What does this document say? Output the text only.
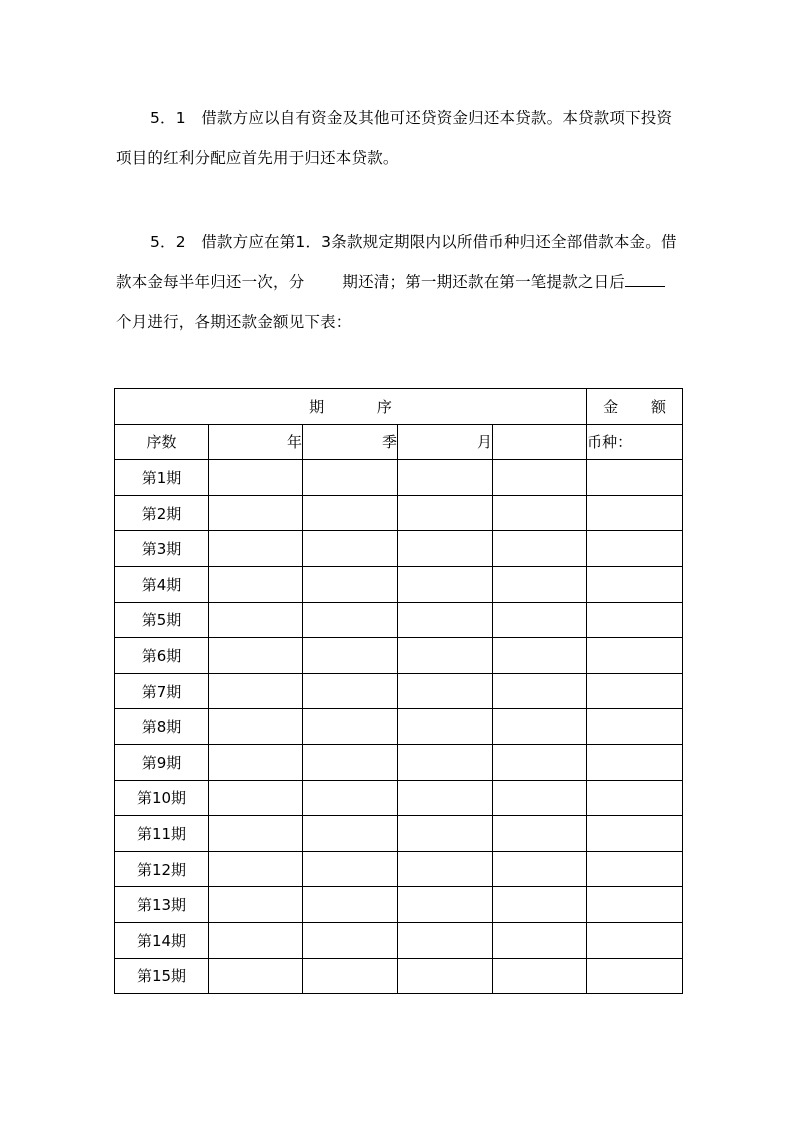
5．1 借款方应以自有资金及其他可还贷资金归还本贷款。本贷款项下投资
项目的红利分配应首先用于归还本贷款。

5．2 借款方应在第1．3条款规定期限内以所借币种归还全部借款本金。借
款本金每半年归还一次，分 期还清；第一期还款在第一笔提款之日后
个月进行，各期还款金额见下表：

期 序					金 额
序数	年	季	月		币种：
第1期					
第2期					
第3期					
第4期					
第5期					
第6期					
第7期					
第8期					
第9期					
第10期					
第11期					
第12期					
第13期					
第14期					
第15期					
